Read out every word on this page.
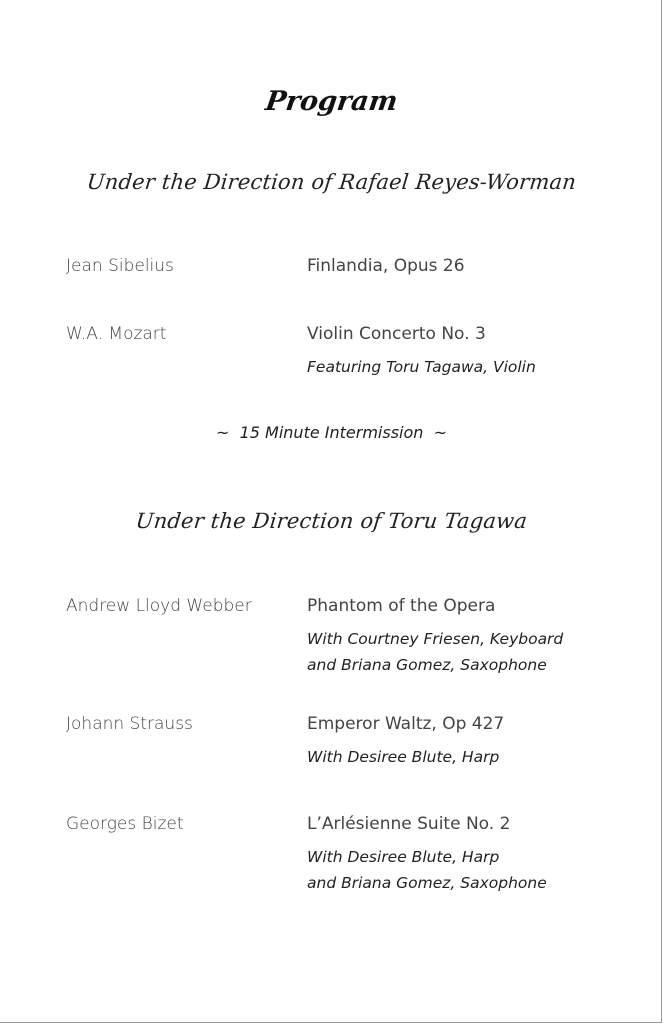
Program
Under the Direction of Rafael Reyes-Worman
Jean Sibelius	Finlandia, Opus 26
W.A. Mozart	Violin Concerto No. 3
Featuring Toru Tagawa, Violin
~  15 Minute Intermission  ~
Under the Direction of Toru Tagawa
Andrew Lloyd Webber	Phantom of the Opera
With Courtney Friesen, Keyboard
and Briana Gomez, Saxophone
Johann Strauss	Emperor Waltz, Op 427
With Desiree Blute, Harp
Georges Bizet	L’Arlésienne Suite No. 2
With Desiree Blute, Harp
and Briana Gomez, Saxophone
